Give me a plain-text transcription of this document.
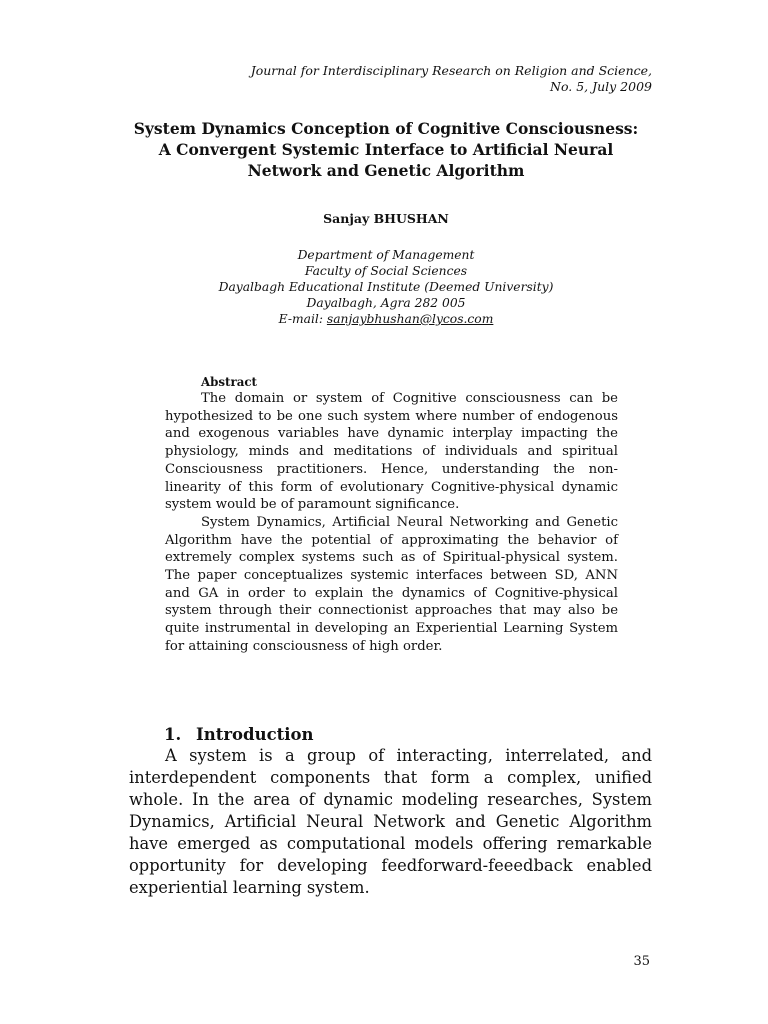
Journal for Interdisciplinary Research on Religion and Science,
No. 5, July 2009
System Dynamics Conception of Cognitive Consciousness:
A Convergent Systemic Interface to Artificial Neural
Network and Genetic Algorithm
Sanjay BHUSHAN
Department of Management
Faculty of Social Sciences
Dayalbagh Educational Institute (Deemed University)
Dayalbagh, Agra 282 005
E-mail: sanjaybhushan@lycos.com
Abstract

The domain or system of Cognitive consciousness can be hypothesized to be one such system where number of endogenous and exogenous variables have dynamic interplay impacting the physiology, minds and meditations of individuals and spiritual Consciousness practitioners. Hence, understanding the non-linearity of this form of evolutionary Cognitive-physical dynamic system would be of paramount significance.

System Dynamics, Artificial Neural Networking and Genetic Algorithm have the potential of approximating the behavior of extremely complex systems such as of Spiritual-physical system. The paper conceptualizes systemic interfaces between SD, ANN and GA in order to explain the dynamics of Cognitive-physical system through their connectionist approaches that may also be quite instrumental in developing an Experiential Learning System for attaining consciousness of high order.

1. Introduction

A system is a group of interacting, interrelated, and interdependent components that form a complex, unified whole. In the area of dynamic modeling researches, System Dynamics, Artificial Neural Network and Genetic Algorithm have emerged as computational models offering remarkable opportunity for developing feedforward-feeedback enabled experiential learning system.

35
